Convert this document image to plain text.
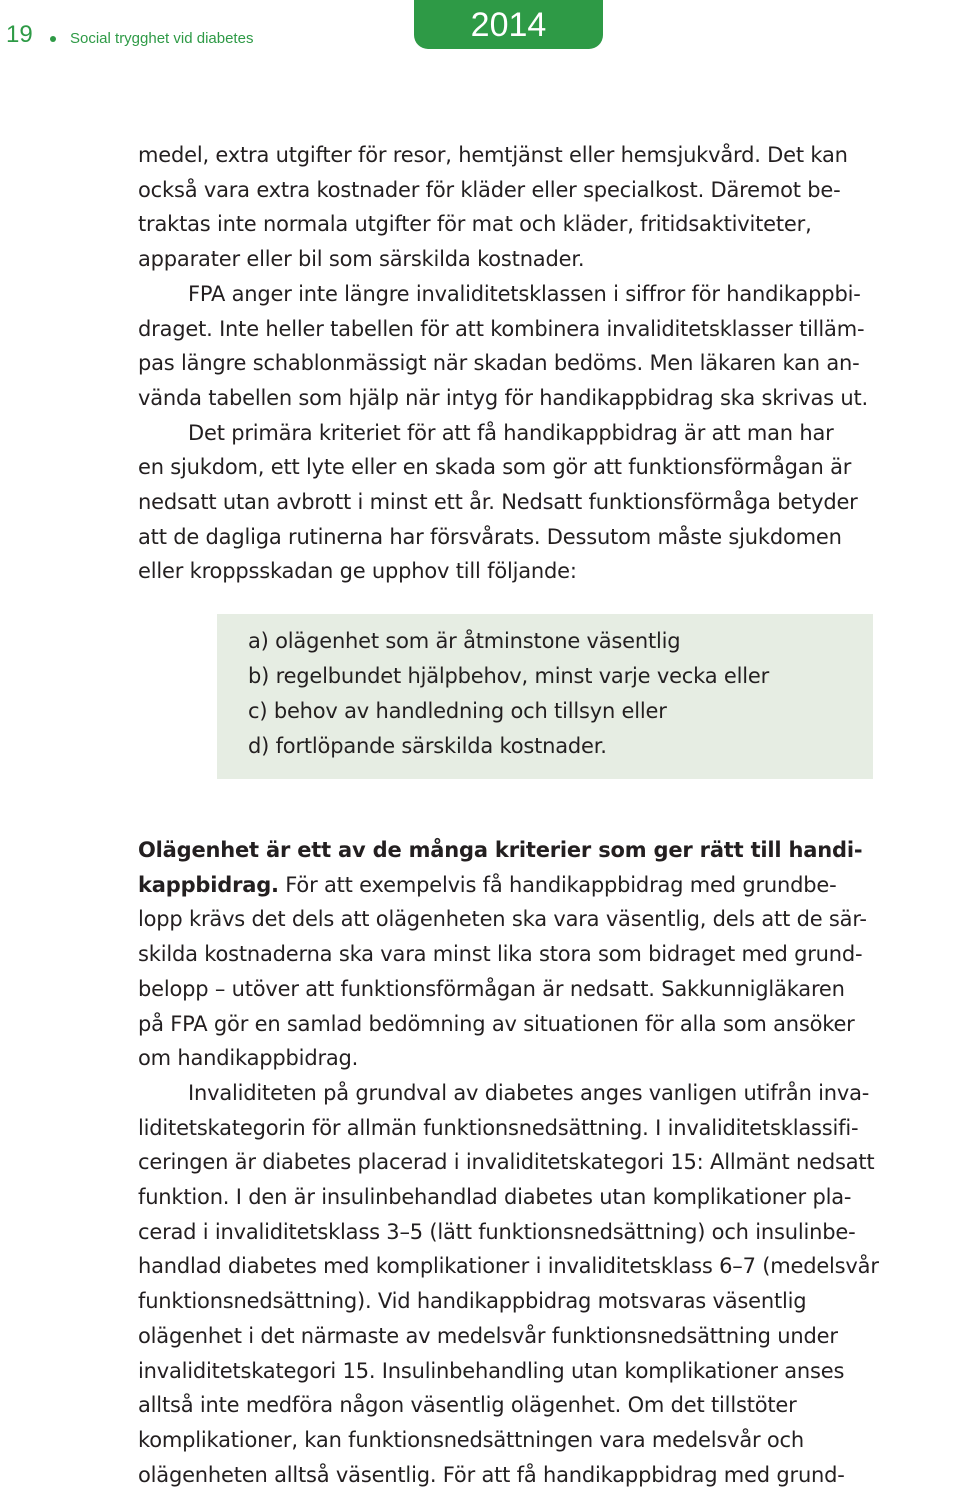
19 Social trygghet vid diabetes	2014
medel, extra utgifter för resor, hemtjänst eller hemsjukvård. Det kan
också vara extra kostnader för kläder eller specialkost. Däremot be-
traktas inte normala utgifter för mat och kläder, fritidsaktiviteter,
apparater eller bil som särskilda kostnader.
FPA anger inte längre invaliditetsklassen i siffror för handikappbi-
draget. Inte heller tabellen för att kombinera invaliditetsklasser tilläm-
pas längre schablonmässigt när skadan bedöms. Men läkaren kan an-
vända tabellen som hjälp när intyg för handikappbidrag ska skrivas ut.
Det primära kriteriet för att få handikappbidrag är att man har
en sjukdom, ett lyte eller en skada som gör att funktionsförmågan är
nedsatt utan avbrott i minst ett år. Nedsatt funktionsförmåga betyder
att de dagliga rutinerna har försvårats. Dessutom måste sjukdomen
eller kroppsskadan ge upphov till följande:
a) olägenhet som är åtminstone väsentlig
b) regelbundet hjälpbehov, minst varje vecka eller
c) behov av handledning och tillsyn eller
d) fortlöpande särskilda kostnader.
Olägenhet är ett av de många kriterier som ger rätt till handi-
kappbidrag. För att exempelvis få handikappbidrag med grundbe-
lopp krävs det dels att olägenheten ska vara väsentlig, dels att de sär-
skilda kostnaderna ska vara minst lika stora som bidraget med grund-
belopp – utöver att funktionsförmågan är nedsatt. Sakkunnigläkaren
på FPA gör en samlad bedömning av situationen för alla som ansöker
om handikappbidrag.
Invaliditeten på grundval av diabetes anges vanligen utifrån inva-
liditetskategorin för allmän funktionsnedsättning. I invaliditetsklassifi-
ceringen är diabetes placerad i invaliditetskategori 15: Allmänt nedsatt
funktion. I den är insulinbehandlad diabetes utan komplikationer pla-
cerad i invaliditetsklass 3–5 (lätt funktionsnedsättning) och insulinbe-
handlad diabetes med komplikationer i invaliditetsklass 6–7 (medelsvår
funktionsnedsättning). Vid handikappbidrag motsvaras väsentlig
olägenhet i det närmaste av medelsvår funktionsnedsättning under
invaliditetskategori 15. Insulinbehandling utan komplikationer anses
alltså inte medföra någon väsentlig olägenhet. Om det tillstöter
komplikationer, kan funktionsnedsättningen vara medelsvår och
olägenheten alltså väsentlig. För att få handikappbidrag med grund-
